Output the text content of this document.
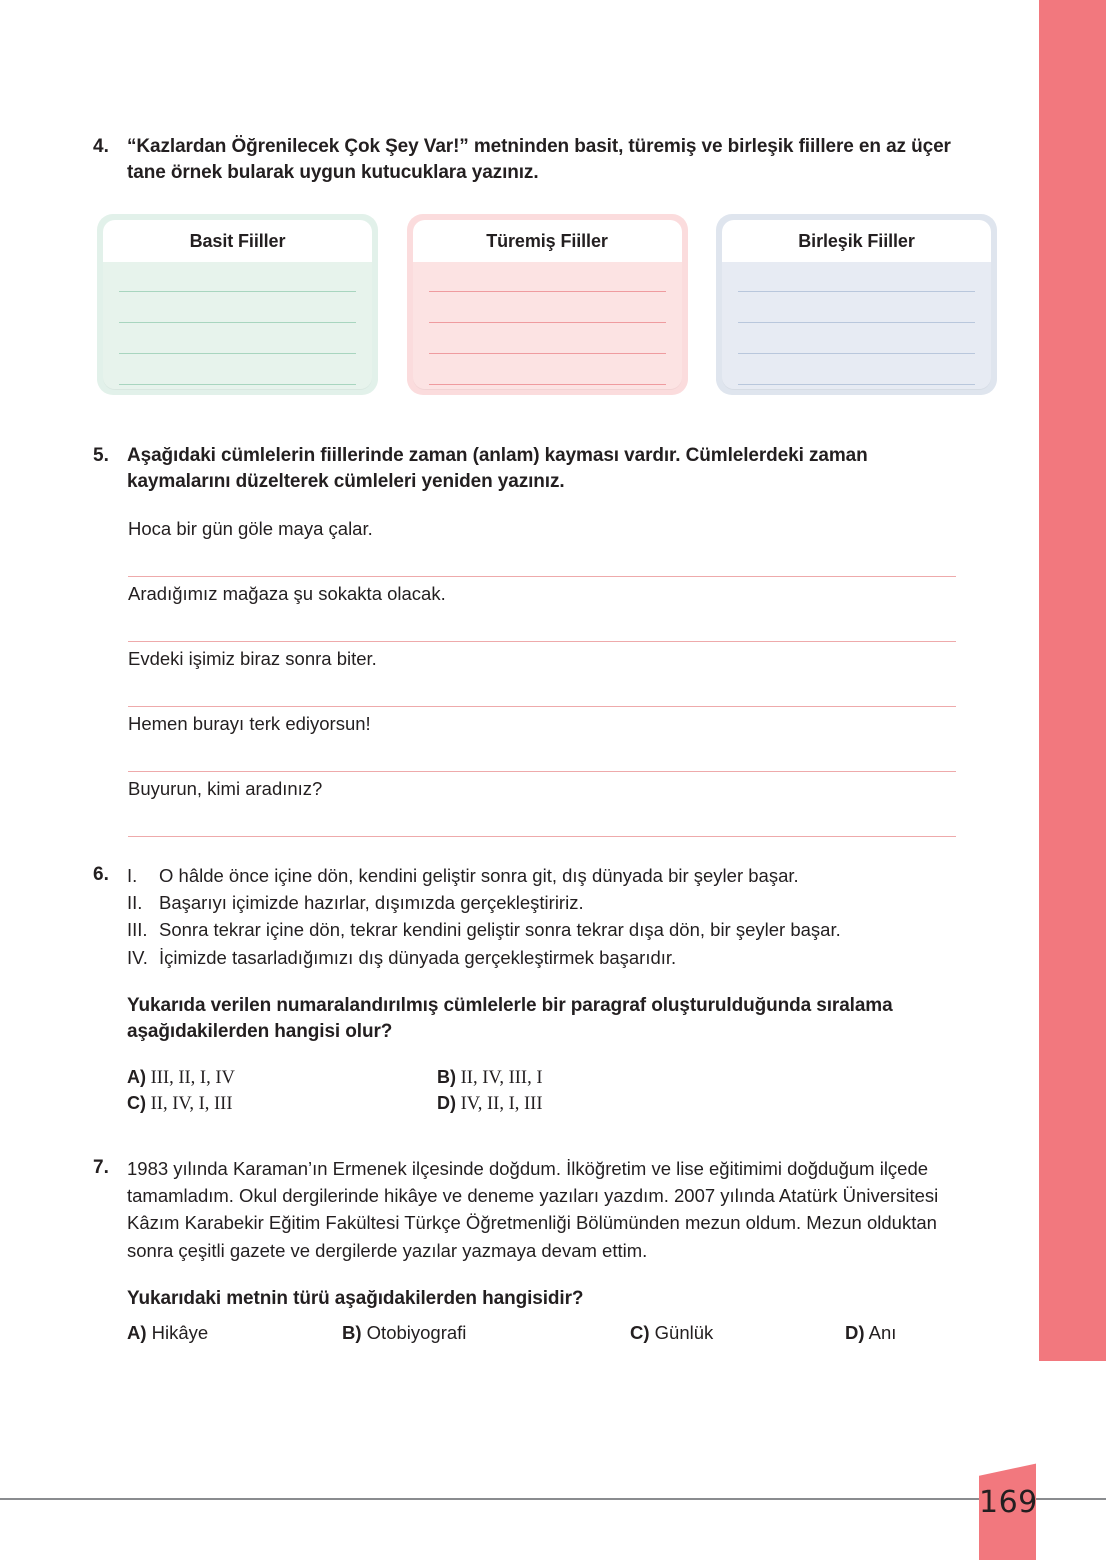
169
4. “Kazlardan Öğrenilecek Çok Şey Var!” metninden basit, türemiş ve birleşik fiillere en az üçer tane örnek bularak uygun kutucuklara yazınız.
Basit Fiiller	Türemiş Fiiller	Birleşik Fiiller
5. Aşağıdaki cümlelerin fiillerinde zaman (anlam) kayması vardır. Cümlelerdeki zaman kaymalarını düzelterek cümleleri yeniden yazınız.
Hoca bir gün göle maya çalar.
Aradığımız mağaza şu sokakta olacak.
Evdeki işimiz biraz sonra biter.
Hemen burayı terk ediyorsun!
Buyurun, kimi aradınız?
6. I.	O hâlde önce içine dön, kendini geliştir sonra git, dış dünyada bir şeyler başar.
II. Başarıyı içimizde hazırlar, dışımızda gerçekleştiririz.
III. Sonra tekrar içine dön, tekrar kendini geliştir sonra tekrar dışa dön, bir şeyler başar.
IV. İçimizde tasarladığımızı dış dünyada gerçekleştirmek başarıdır.
Yukarıda verilen numaralandırılmış cümlelerle bir paragraf oluşturulduğunda sıralama aşağıdakilerden hangisi olur?
A) III, II, I, IV	B) II, IV, III, I
C) II, IV, I, III	D) IV, II, I, III
7. 1983 yılında Karaman’ın Ermenek ilçesinde doğdum. İlköğretim ve lise eğitimimi doğduğum ilçede tamamladım. Okul dergilerinde hikâye ve deneme yazıları yazdım. 2007 yılında Atatürk Üniversitesi Kâzım Karabekir Eğitim Fakültesi Türkçe Öğretmenliği Bölümünden mezun oldum. Mezun olduktan sonra çeşitli gazete ve dergilerde yazılar yazmaya devam ettim.
Yukarıdaki metnin türü aşağıdakilerden hangisidir?
A) Hikâye	B) Otobiyografi	C) Günlük	D) Anı
